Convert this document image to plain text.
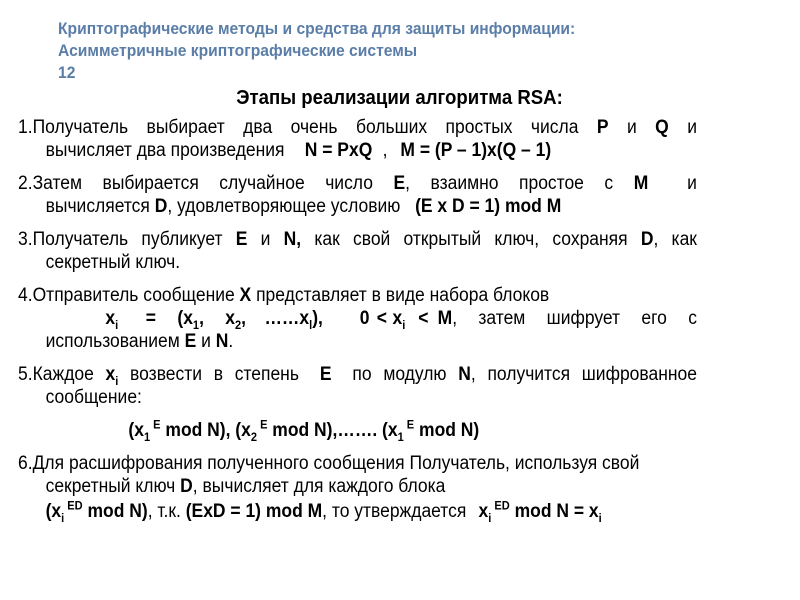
Криптографические методы и средства для защиты информации:
Асимметричные криптографические системы
12
Этапы реализации алгоритма RSA:

1.Получатель выбирает два очень больших простых числа P и Q и

вычисляет два произведения N = PxQ , M = (P – 1)x(Q – 1)

2.Затем выбирается случайное число E, взаимно простое с M и

вычисляется D, удовлетворяющее условию (E x D = 1) mod M

3.Получатель публикует E и N, как свой открытый ключ, сохраняя D, как

секретный ключ.

4.Отправитель сообщение X представляет в виде набора блоков

$x_i = (x_1$, $x_2$, $\dots\dots x_l$), $0 < x_i < M$, затем шифрует его с

использованием E и N.

5.Каждое $x_i$ возвести в степень E по модулю N, получится шифрованное

сообщение:

($x_1$ $^E$ mod N), ($x_2$ $^E$ mod N),……. ($x_1$ $^E$ mod N)

6.Для расшифрования полученного сообщения Получатель, используя свой

секретный ключ D, вычисляет для каждого блока

($x_i$ $^{ED}$ mod N), т.к. (ExD = 1) mod M, то утверждается $x_i$ $^{ED}$ mod $N = x_i$
